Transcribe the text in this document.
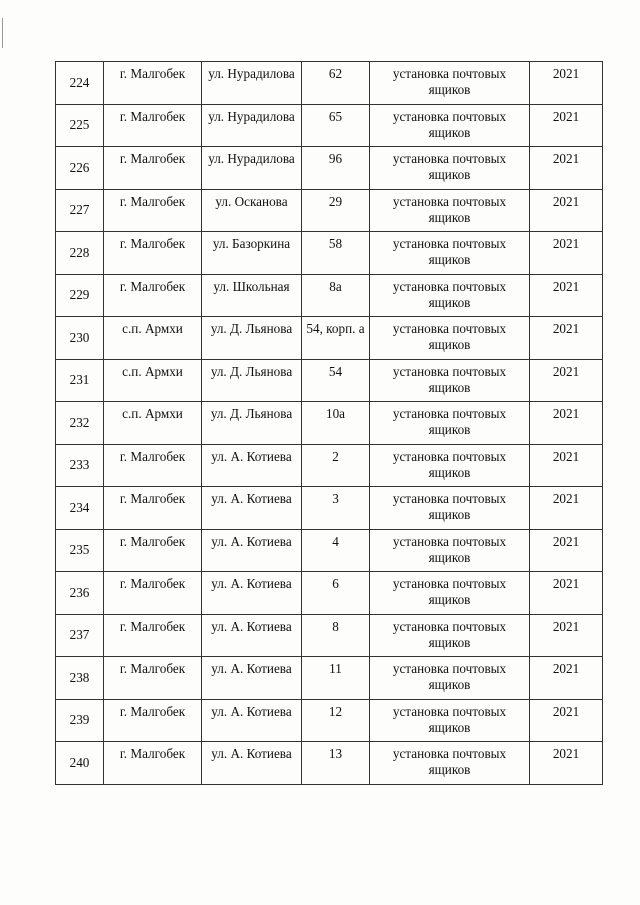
224	г. Малгобек	ул. Нурадилова	62	установка почтовых ящиков	2021
225	г. Малгобек	ул. Нурадилова	65	установка почтовых ящиков	2021
226	г. Малгобек	ул. Нурадилова	96	установка почтовых ящиков	2021
227	г. Малгобек	ул. Осканова	29	установка почтовых ящиков	2021
228	г. Малгобек	ул. Базоркина	58	установка почтовых ящиков	2021
229	г. Малгобек	ул. Школьная	8а	установка почтовых ящиков	2021
230	с.п. Армхи	ул. Д. Льянова	54, корп. а	установка почтовых ящиков	2021
231	с.п. Армхи	ул. Д. Льянова	54	установка почтовых ящиков	2021
232	с.п. Армхи	ул. Д. Льянова	10а	установка почтовых ящиков	2021
233	г. Малгобек	ул. А. Котиева	2	установка почтовых ящиков	2021
234	г. Малгобек	ул. А. Котиева	3	установка почтовых ящиков	2021
235	г. Малгобек	ул. А. Котиева	4	установка почтовых ящиков	2021
236	г. Малгобек	ул. А. Котиева	6	установка почтовых ящиков	2021
237	г. Малгобек	ул. А. Котиева	8	установка почтовых ящиков	2021
238	г. Малгобек	ул. А. Котиева	11	установка почтовых ящиков	2021
239	г. Малгобек	ул. А. Котиева	12	установка почтовых ящиков	2021
240	г. Малгобек	ул. А. Котиева	13	установка почтовых ящиков	2021
